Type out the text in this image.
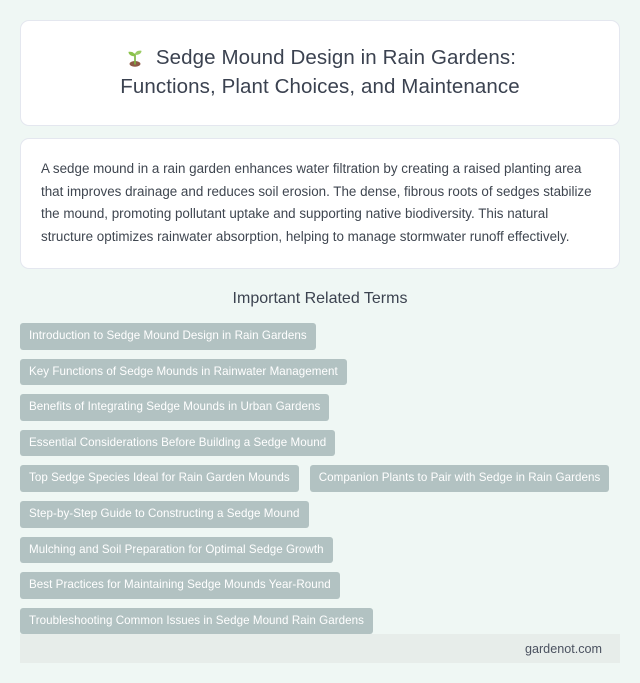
Sedge Mound Design in Rain Gardens:
Functions, Plant Choices, and Maintenance

A sedge mound in a rain garden enhances water filtration by creating a raised planting area that improves drainage and reduces soil erosion. The dense, fibrous roots of sedges stabilize the mound, promoting pollutant uptake and supporting native biodiversity. This natural structure optimizes rainwater absorption, helping to manage stormwater runoff effectively.

Important Related Terms
Introduction to Sedge Mound Design in Rain Gardens
Key Functions of Sedge Mounds in Rainwater Management
Benefits of Integrating Sedge Mounds in Urban Gardens
Essential Considerations Before Building a Sedge Mound
Top Sedge Species Ideal for Rain Garden Mounds	Companion Plants to Pair with Sedge in Rain Gardens
Step-by-Step Guide to Constructing a Sedge Mound
Mulching and Soil Preparation for Optimal Sedge Growth
Best Practices for Maintaining Sedge Mounds Year-Round
Troubleshooting Common Issues in Sedge Mound Rain Gardens
gardenot.com
